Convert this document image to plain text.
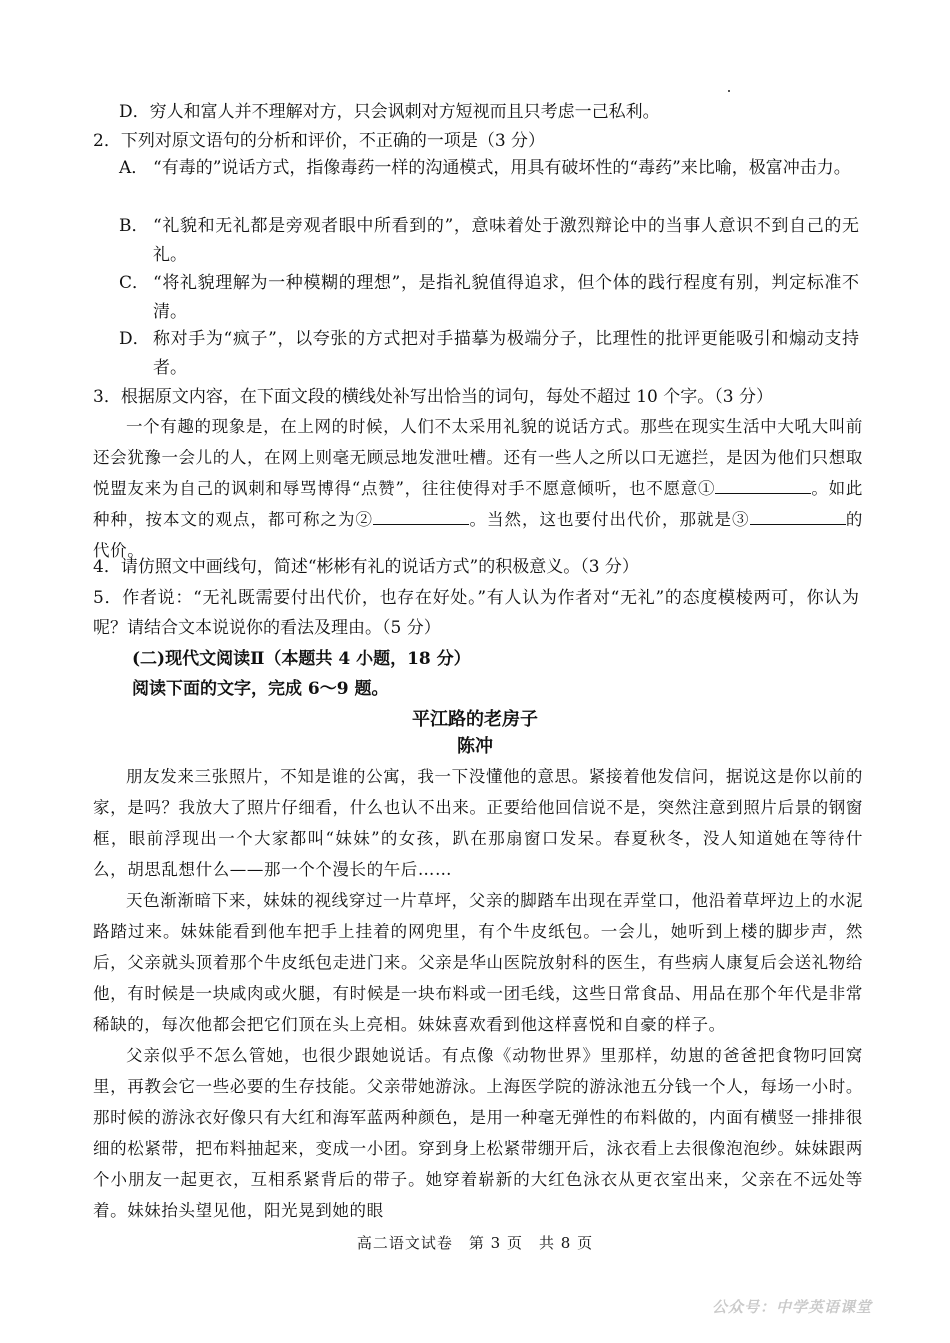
D．穷人和富人并不理解对方，只会讽刺对方短视而且只考虑一己私利。
2．下列对原文语句的分析和评价，不正确的一项是（3 分）
A． “有毒的”说话方式，指像毒药一样的沟通模式，用具有破坏性的“毒药”来比喻，极富冲击力。
B． “礼貌和无礼都是旁观者眼中所看到的”，意味着处于激烈辩论中的当事人意识不到自己的无礼。
C． “将礼貌理解为一种模糊的理想”，是指礼貌值得追求，但个体的践行程度有别，判定标准不清。
D． 称对手为“疯子”，以夸张的方式把对手描摹为极端分子，比理性的批评更能吸引和煽动支持者。
3．根据原文内容，在下面文段的横线处补写出恰当的词句，每处不超过 10 个字。（3 分）
一个有趣的现象是，在上网的时候，人们不太采用礼貌的说话方式。那些在现实生活中大吼大叫前还会犹豫一会儿的人，在网上则毫无顾忌地发泄吐槽。还有一些人之所以口无遮拦，是因为他们只想取悦盟友来为自己的讽刺和辱骂博得“点赞”，往往使得对手不愿意倾听，也不愿意①	。如此种种，按本文的观点，都可称之为②	。当然，这也要付出代价，那就是③	的代价。
4．请仿照文中画线句，简述“彬彬有礼的说话方式”的积极意义。（3 分）
5．作者说：“无礼既需要付出代价，也存在好处。”有人认为作者对“无礼”的态度模棱两可，你认为呢？请结合文本说说你的看法及理由。（5 分）
(二)现代文阅读Ⅱ（本题共 4 小题，18 分）
阅读下面的文字，完成 6～9 题。
平江路的老房子
陈冲
朋友发来三张照片，不知是谁的公寓，我一下没懂他的意思。紧接着他发信问，据说这是你以前的家，是吗？我放大了照片仔细看，什么也认不出来。正要给他回信说不是，突然注意到照片后景的钢窗框，眼前浮现出一个大家都叫“妹妹”的女孩，趴在那扇窗口发呆。春夏秋冬，没人知道她在等待什么，胡思乱想什么——那一个个漫长的午后……
天色渐渐暗下来，妹妹的视线穿过一片草坪，父亲的脚踏车出现在弄堂口，他沿着草坪边上的水泥路踏过来。妹妹能看到他车把手上挂着的网兜里，有个牛皮纸包。一会儿，她听到上楼的脚步声，然后，父亲就头顶着那个牛皮纸包走进门来。父亲是华山医院放射科的医生，有些病人康复后会送礼物给他，有时候是一块咸肉或火腿，有时候是一块布料或一团毛线，这些日常食品、用品在那个年代是非常稀缺的，每次他都会把它们顶在头上亮相。妹妹喜欢看到他这样喜悦和自豪的样子。
父亲似乎不怎么管她，也很少跟她说话。有点像《动物世界》里那样，幼崽的爸爸把食物叼回窝里，再教会它一些必要的生存技能。父亲带她游泳。上海医学院的游泳池五分钱一个人，每场一小时。那时候的游泳衣好像只有大红和海军蓝两种颜色，是用一种毫无弹性的布料做的，内面有横竖一排排很细的松紧带，把布料抽起来，变成一小团。穿到身上松紧带绷开后，泳衣看上去很像泡泡纱。妹妹跟两个小朋友一起更衣，互相系紧背后的带子。她穿着崭新的大红色泳衣从更衣室出来，父亲在不远处等着。妹妹抬头望见他，阳光晃到她的眼
高二语文试卷　第 3 页　共 8 页
公众号：中学英语课堂
